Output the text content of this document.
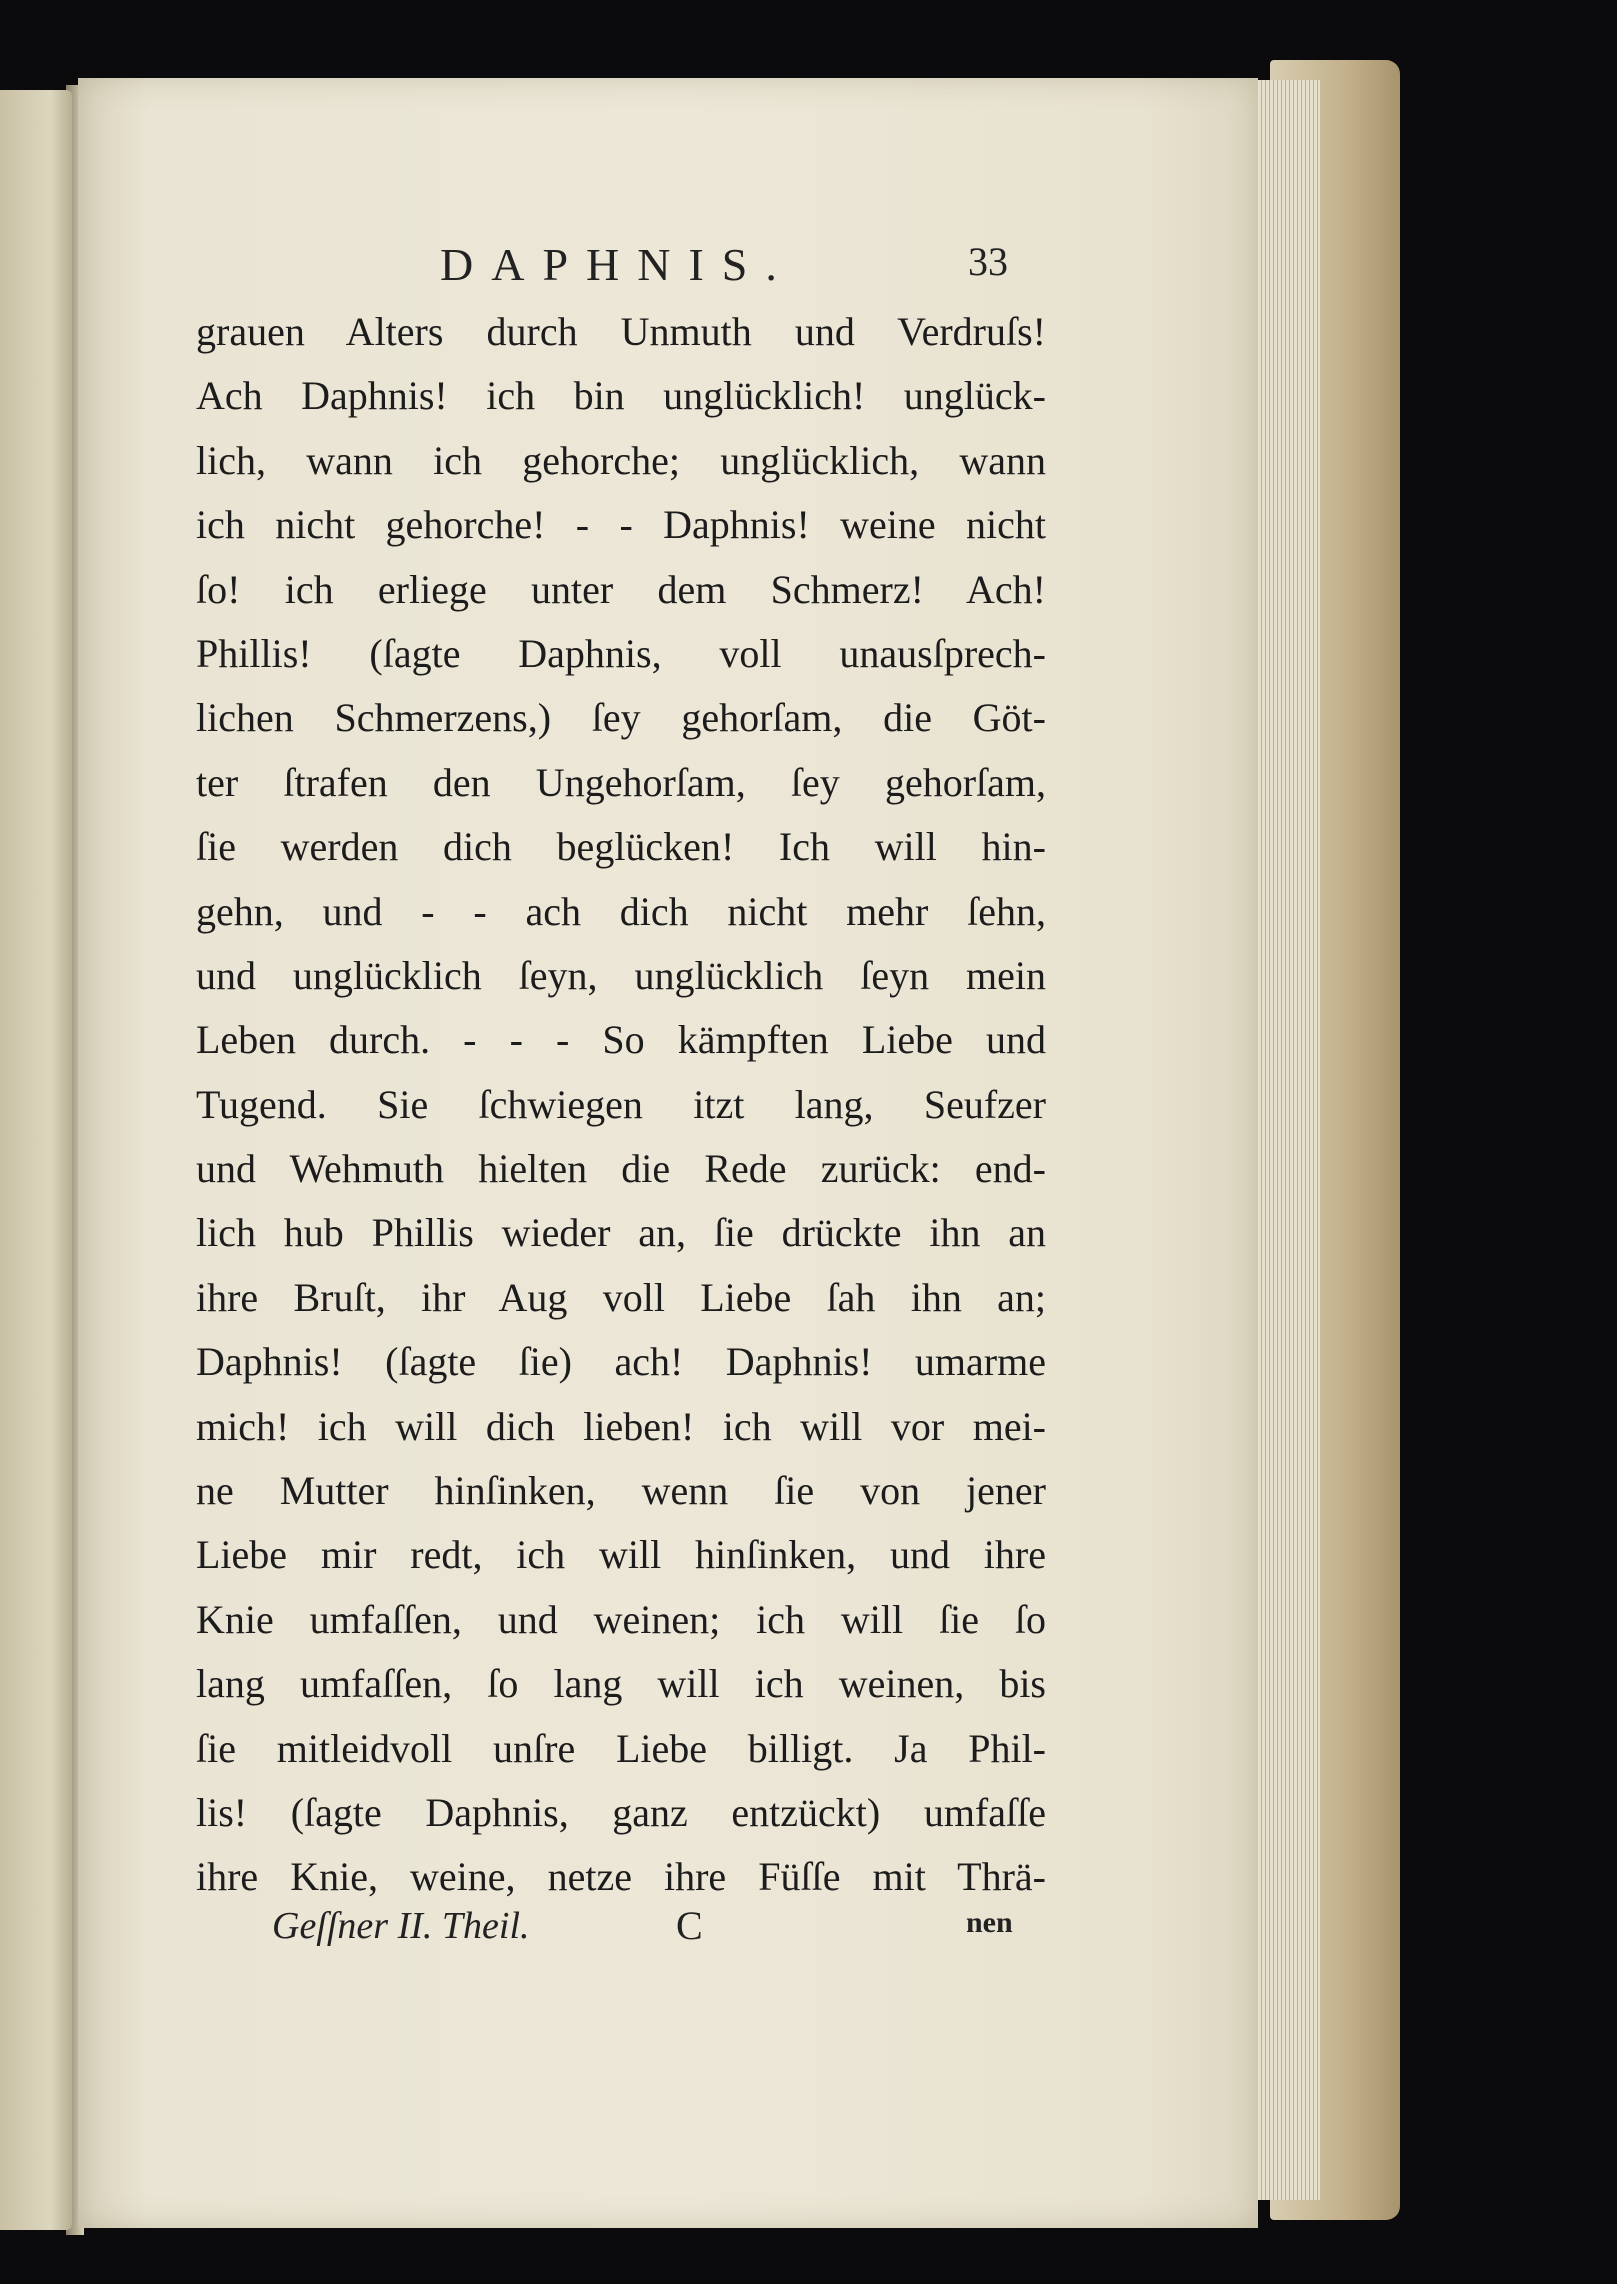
DAPHNIS.	33
grauen Alters durch Unmuth und Verdruſs!
Ach Daphnis! ich bin unglücklich! unglück-
lich, wann ich gehorche; unglücklich, wann
ich nicht gehorche! - - Daphnis! weine nicht
ſo! ich erliege unter dem Schmerz! Ach!
Phillis! (ſagte Daphnis, voll unausſprech-
lichen Schmerzens,) ſey gehorſam, die Göt-
ter ſtrafen den Ungehorſam, ſey gehorſam,
ſie werden dich beglücken! Ich will hin-
gehn, und - - ach dich nicht mehr ſehn,
und unglücklich ſeyn, unglücklich ſeyn mein
Leben durch. - - - So kämpften Liebe und
Tugend. Sie ſchwiegen itzt lang, Seufzer
und Wehmuth hielten die Rede zurück: end-
lich hub Phillis wieder an, ſie drückte ihn an
ihre Bruſt, ihr Aug voll Liebe ſah ihn an;
Daphnis! (ſagte ſie) ach! Daphnis! umarme
mich! ich will dich lieben! ich will vor mei-
ne Mutter hinſinken, wenn ſie von jener
Liebe mir redt, ich will hinſinken, und ihre
Knie umfaſſen, und weinen; ich will ſie ſo
lang umfaſſen, ſo lang will ich weinen, bis
ſie mitleidvoll unſre Liebe billigt. Ja Phil-
lis! (ſagte Daphnis, ganz entzückt) umfaſſe
ihre Knie, weine, netze ihre Füſſe mit Thrä-
Geſſner II. Theil.	C	nen
